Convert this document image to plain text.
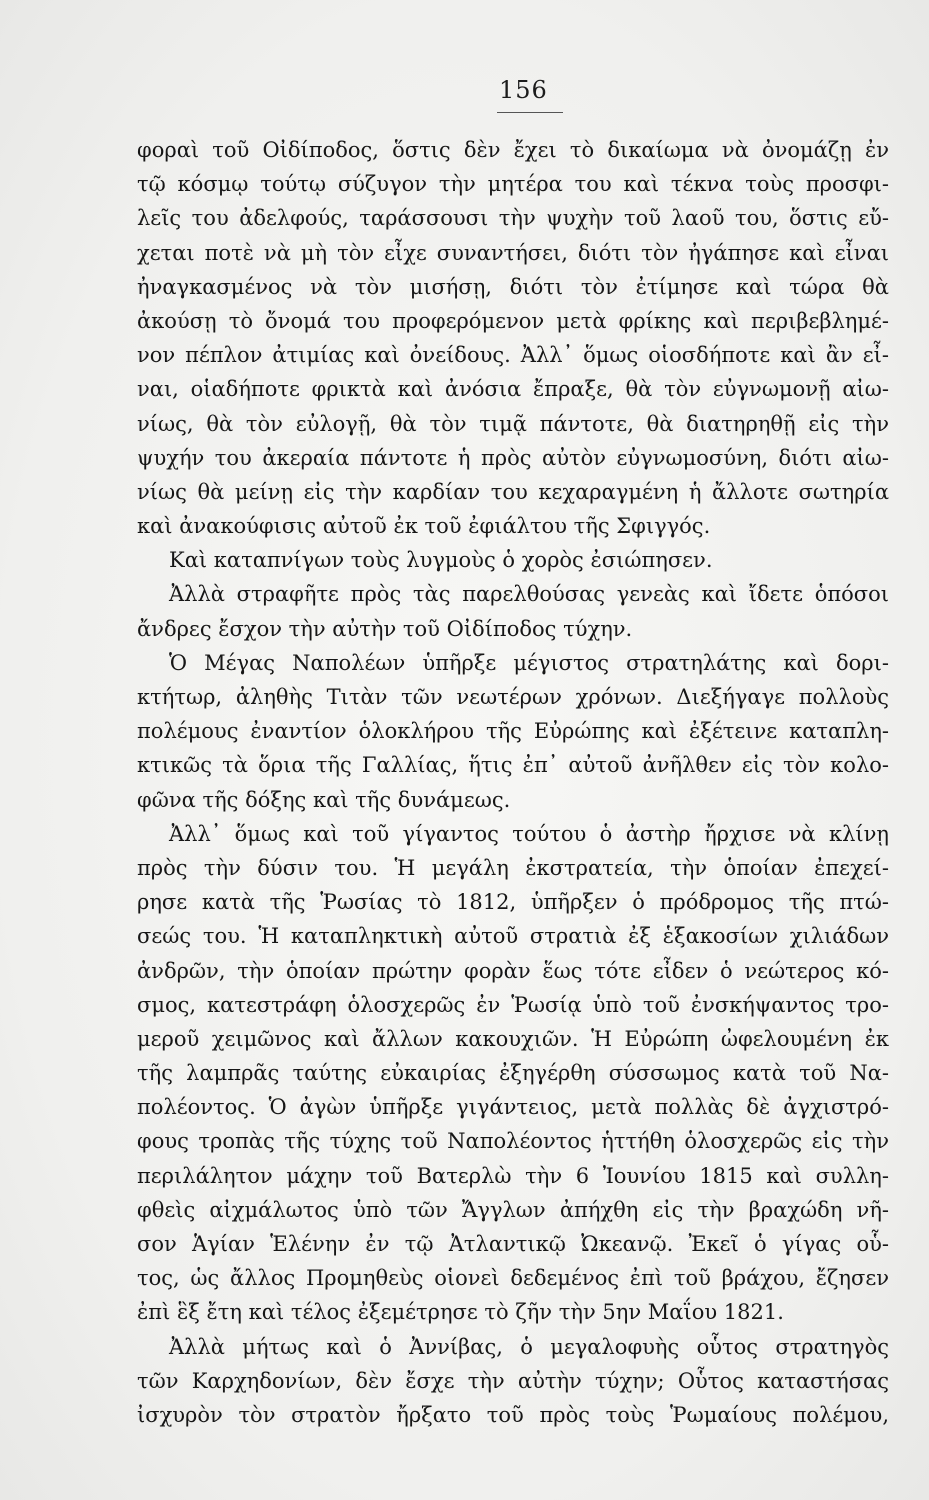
156
φοραὶ τοῦ Οἰδίποδος, ὅστις δὲν ἔχει τὸ δικαίωμα νὰ ὀνομάζῃ ἐν
τῷ κόσμῳ τούτῳ σύζυγον τὴν μητέρα του καὶ τέκνα τοὺς προσφι-
λεῖς του ἀδελφούς, ταράσσουσι τὴν ψυχὴν τοῦ λαοῦ του, ὅστις εὔ-
χεται ποτὲ νὰ μὴ τὸν εἶχε συναντήσει, διότι τὸν ἠγάπησε καὶ εἶναι
ἠναγκασμένος νὰ τὸν μισήσῃ, διότι τὸν ἐτίμησε καὶ τώρα θὰ
ἀκούσῃ τὸ ὄνομά του προφερόμενον μετὰ φρίκης καὶ περιβεβλημέ-
νον πέπλον ἀτιμίας καὶ ὀνείδους. Ἀλλ᾽ ὅμως οἱοσδήποτε καὶ ἂν εἶ-
ναι, οἱαδήποτε φρικτὰ καὶ ἀνόσια ἔπραξε, θὰ τὸν εὐγνωμονῇ αἰω-
νίως, θὰ τὸν εὐλογῇ, θὰ τὸν τιμᾷ πάντοτε, θὰ διατηρηθῇ εἰς τὴν
ψυχήν του ἀκεραία πάντοτε ἡ πρὸς αὐτὸν εὐγνωμοσύνη, διότι αἰω-
νίως θὰ μείνῃ εἰς τὴν καρδίαν του κεχαραγμένη ἡ ἄλλοτε σωτηρία
καὶ ἀνακούφισις αὐτοῦ ἐκ τοῦ ἐφιάλτου τῆς Σφιγγός.
Καὶ καταπνίγων τοὺς λυγμοὺς ὁ χορὸς ἐσιώπησεν.
Ἀλλὰ στραφῆτε πρὸς τὰς παρελθούσας γενεὰς καὶ ἴδετε ὁπόσοι
ἄνδρες ἔσχον τὴν αὐτὴν τοῦ Οἰδίποδος τύχην.
Ὁ Μέγας Ναπολέων ὑπῆρξε μέγιστος στρατηλάτης καὶ δορι-
κτήτωρ, ἀληθὴς Τιτὰν τῶν νεωτέρων χρόνων. Διεξήγαγε πολλοὺς
πολέμους ἐναντίον ὁλοκλήρου τῆς Εὐρώπης καὶ ἐξέτεινε καταπλη-
κτικῶς τὰ ὅρια τῆς Γαλλίας, ἥτις ἐπ᾽ αὐτοῦ ἀνῆλθεν εἰς τὸν κολο-
φῶνα τῆς δόξης καὶ τῆς δυνάμεως.
Ἀλλ᾽ ὅμως καὶ τοῦ γίγαντος τούτου ὁ ἀστὴρ ἤρχισε νὰ κλίνῃ
πρὸς τὴν δύσιν του. Ἡ μεγάλη ἐκστρατεία, τὴν ὁποίαν ἐπεχεί-
ρησε κατὰ τῆς Ῥωσίας τὸ 1812, ὑπῆρξεν ὁ πρόδρομος τῆς πτώ-
σεώς του. Ἡ καταπληκτικὴ αὐτοῦ στρατιὰ ἐξ ἑξακοσίων χιλιάδων
ἀνδρῶν, τὴν ὁποίαν πρώτην φορὰν ἕως τότε εἶδεν ὁ νεώτερος κό-
σμος, κατεστράφη ὁλοσχερῶς ἐν Ῥωσίᾳ ὑπὸ τοῦ ἐνσκήψαντος τρο-
μεροῦ χειμῶνος καὶ ἄλλων κακουχιῶν. Ἡ Εὐρώπη ὠφελουμένη ἐκ
τῆς λαμπρᾶς ταύτης εὐκαιρίας ἐξηγέρθη σύσσωμος κατὰ τοῦ Να-
πολέοντος. Ὁ ἀγὼν ὑπῆρξε γιγάντειος, μετὰ πολλὰς δὲ ἀγχιστρό-
φους τροπὰς τῆς τύχης τοῦ Ναπολέοντος ἡττήθη ὁλοσχερῶς εἰς τὴν
περιλάλητον μάχην τοῦ Βατερλὼ τὴν 6 Ἰουνίου 1815 καὶ συλλη-
φθεὶς αἰχμάλωτος ὑπὸ τῶν Ἄγγλων ἀπήχθη εἰς τὴν βραχώδη νῆ-
σον Ἁγίαν Ἑλένην ἐν τῷ Ἀτλαντικῷ Ὠκεανῷ. Ἐκεῖ ὁ γίγας οὗ-
τος, ὡς ἄλλος Προμηθεὺς οἱονεὶ δεδεμένος ἐπὶ τοῦ βράχου, ἔζησεν
ἐπὶ ἓξ ἔτη καὶ τέλος ἐξεμέτρησε τὸ ζῆν τὴν 5ην Μαΐου 1821.
Ἀλλὰ μήτως καὶ ὁ Ἀννίβας, ὁ μεγαλοφυὴς οὗτος στρατηγὸς
τῶν Καρχηδονίων, δὲν ἔσχε τὴν αὐτὴν τύχην; Οὗτος καταστήσας
ἰσχυρὸν τὸν στρατὸν ἤρξατο τοῦ πρὸς τοὺς Ῥωμαίους πολέμου,
